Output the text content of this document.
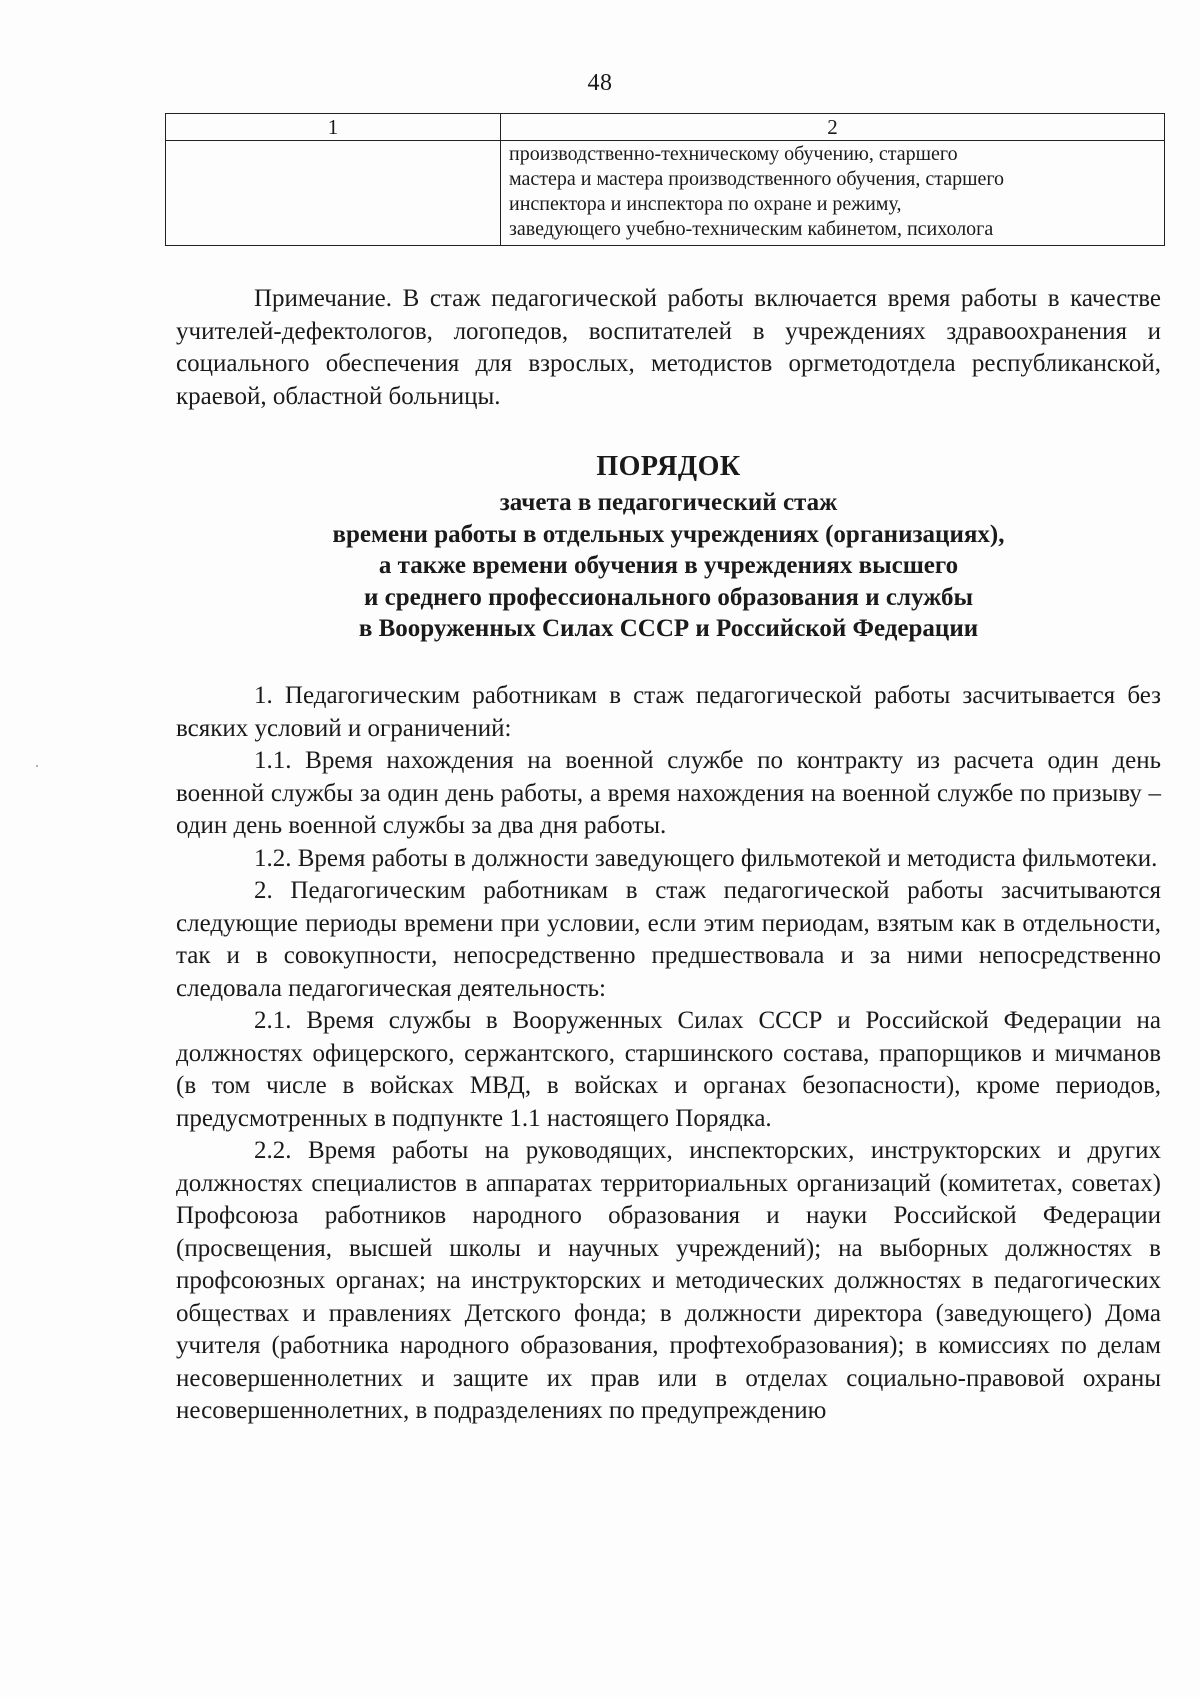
48
1	2

	производственно-техническому обучению, старшего
мастера и мастера производственного обучения, старшего
инспектора и инспектора по охране и режиму,
заведующего учебно-техническим кабинетом, психолога

Примечание. В стаж педагогической работы включается время работы в качестве учителей-дефектологов, логопедов, воспитателей в учреждениях здравоохранения и социального обеспечения для взрослых, методистов оргметодотдела республиканской, краевой, областной больницы.

ПОРЯДОК
зачета в педагогический стаж
времени работы в отдельных учреждениях (организациях),
а также времени обучения в учреждениях высшего
и среднего профессионального образования и службы
в Вооруженных Силах СССР и Российской Федерации

1. Педагогическим работникам в стаж педагогической работы засчитывается без всяких условий и ограничений:

1.1. Время нахождения на военной службе по контракту из расчета один день военной службы за один день работы, а время нахождения на военной службе по призыву – один день военной службы за два дня работы.

1.2. Время работы в должности заведующего фильмотекой и методиста фильмотеки.

2. Педагогическим работникам в стаж педагогической работы засчитываются следующие периоды времени при условии, если этим периодам, взятым как в отдельности, так и в совокупности, непосредственно предшествовала и за ними непосредственно следовала педагогическая деятельность:

2.1. Время службы в Вооруженных Силах СССР и Российской Федерации на должностях офицерского, сержантского, старшинского состава, прапорщиков и мичманов (в том числе в войсках МВД, в войсках и органах безопасности), кроме периодов, предусмотренных в подпункте 1.1 настоящего Порядка.

2.2. Время работы на руководящих, инспекторских, инструкторских и других должностях специалистов в аппаратах территориальных организаций (комитетах, советах) Профсоюза работников народного образования и науки Российской Федерации (просвещения, высшей школы и научных учреждений); на выборных должностях в профсоюзных органах; на инструкторских и методических должностях в педагогических обществах и правлениях Детского фонда; в должности директора (заведующего) Дома учителя (работника народного образования, профтехобразования); в комиссиях по делам несовершеннолетних и защите их прав или в отделах социально-правовой охраны несовершеннолетних, в подразделениях по предупреждению
